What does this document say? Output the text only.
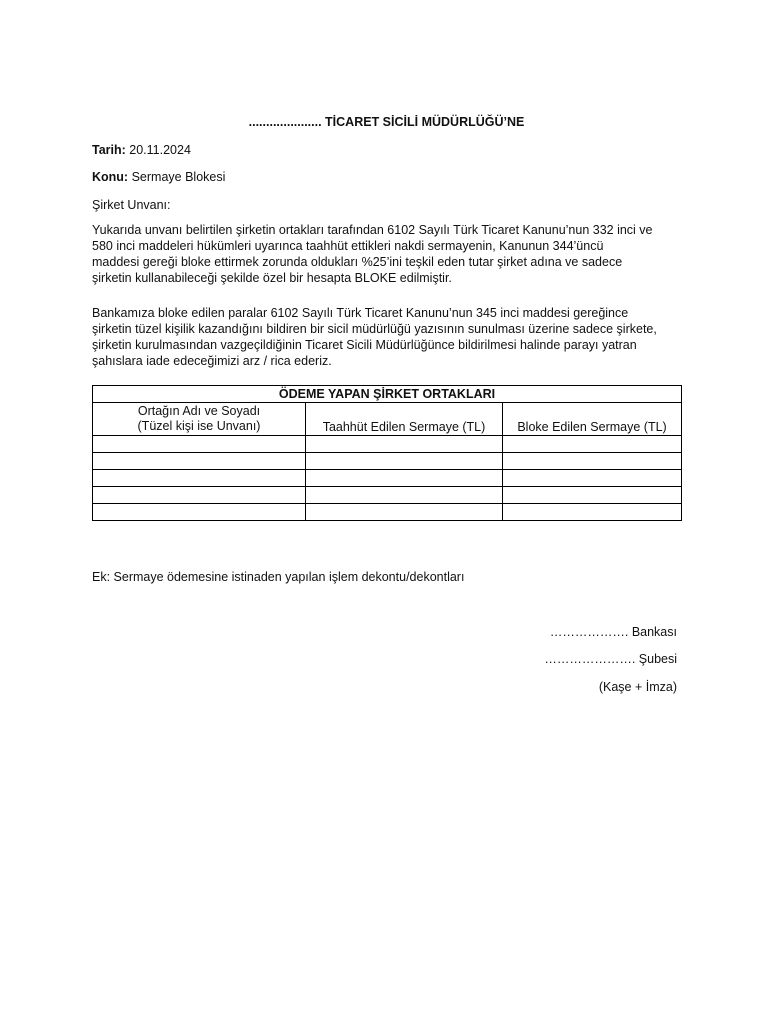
..................... TİCARET SİCİLİ MÜDÜRLÜĞÜ’NE
Tarih: 20.11.2024
Konu: Sermaye Blokesi
Şirket Unvanı:

Yukarıda unvanı belirtilen şirketin ortakları tarafından 6102 Sayılı Türk Ticaret Kanunu’nun 332 inci ve

580 inci maddeleri hükümleri uyarınca taahhüt ettikleri nakdi sermayenin, Kanunun 344’üncü

maddesi gereği bloke ettirmek zorunda oldukları %25’ini teşkil eden tutar şirket adına ve sadece

şirketin kullanabileceği şekilde özel bir hesapta BLOKE edilmiştir.

Bankamıza bloke edilen paralar 6102 Sayılı Türk Ticaret Kanunu’nun 345 inci maddesi gereğince

şirketin tüzel kişilik kazandığını bildiren bir sicil müdürlüğü yazısının sunulması üzerine sadece şirkete,

şirketin kurulmasından vazgeçildiğinin Ticaret Sicili Müdürlüğünce bildirilmesi halinde parayı yatran

şahıslara iade edeceğimizi arz / rica ederiz.

ÖDEME YAPAN ŞİRKET ORTAKLARI		

Ortağın Adı ve Soyadı
(Tüzel kişi ise Unvanı)	Taahhüt Edilen Sermaye (TL)	Bloke Edilen Sermaye (TL)

Ek: Sermaye ödemesine istinaden yapılan işlem dekontu/dekontları
………………. Bankası
…………………. Şubesi
(Kaşe + İmza)
